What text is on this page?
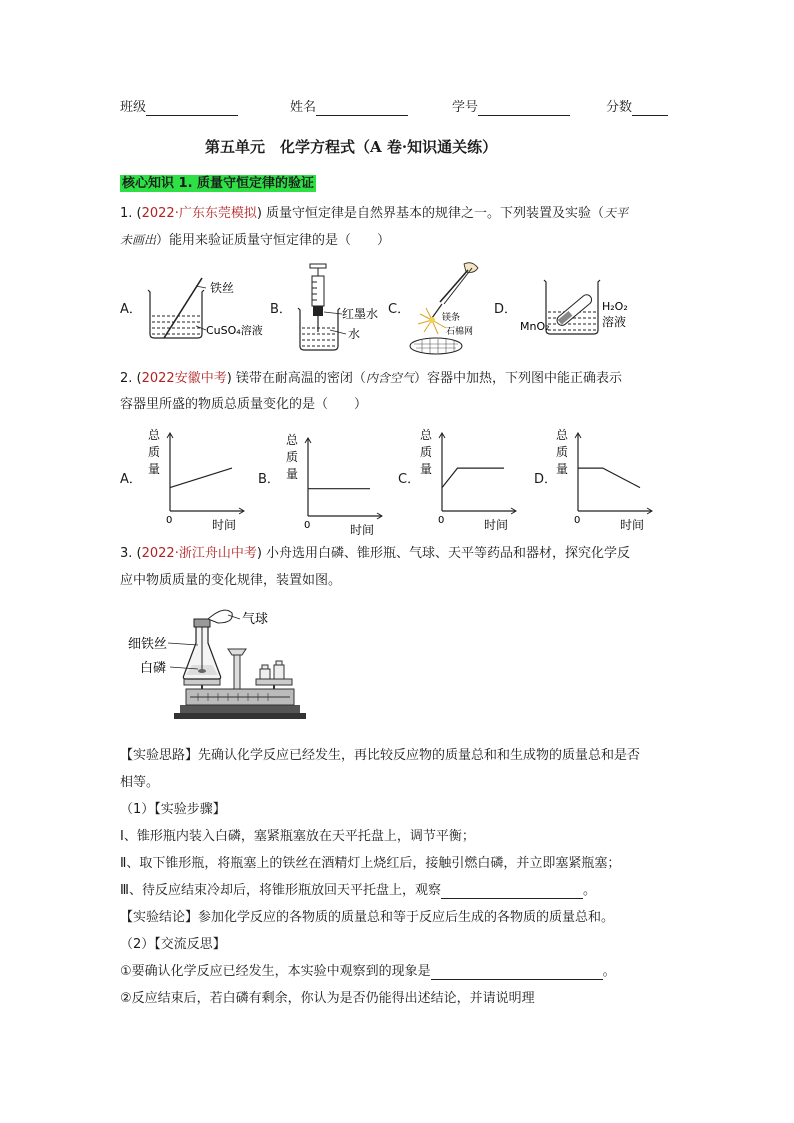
班级	姓名	学号	分数
第五单元　化学方程式（A 卷·知识通关练）
核心知识 1. 质量守恒定律的验证
1. (2022·广东东莞模拟) 质量守恒定律是自然界基本的规律之一。下列装置及实验（天平
未画出）能用来验证质量守恒定律的是（　　）
A．	B．	C．	D．
铁丝
CuSO₄溶液
红墨水
水
镁条
石棉网
H₂O₂
溶液
MnO₂
2. (2022安徽中考) 镁带在耐高温的密闭（内含空气）容器中加热，下列图中能正确表示
容器里所盛的物质总质量变化的是（　　）
A．	B．	C．	D．
总
质
量
时间
0
总
质
量
时间
0
总
质
量
时间
0
总
质
量
时间
0
3. (2022·浙江舟山中考) 小舟选用白磷、锥形瓶、气球、天平等药品和器材，探究化学反
应中物质质量的变化规律，装置如图。
气球
细铁丝
白磷
【实验思路】先确认化学反应已经发生，再比较反应物的质量总和和生成物的质量总和是否
相等。
（1）【实验步骤】
Ⅰ、锥形瓶内装入白磷，塞紧瓶塞放在天平托盘上，调节平衡；
Ⅱ、取下锥形瓶，将瓶塞上的铁丝在酒精灯上烧红后，接触引燃白磷，并立即塞紧瓶塞；
Ⅲ、待反应结束冷却后，将锥形瓶放回天平托盘上，观察	。
【实验结论】参加化学反应的各物质的质量总和等于反应后生成的各物质的质量总和。
（2）【交流反思】
①要确认化学反应已经发生，本实验中观察到的现象是	。
②反应结束后，若白磷有剩余，你认为是否仍能得出述结论，并请说明理
